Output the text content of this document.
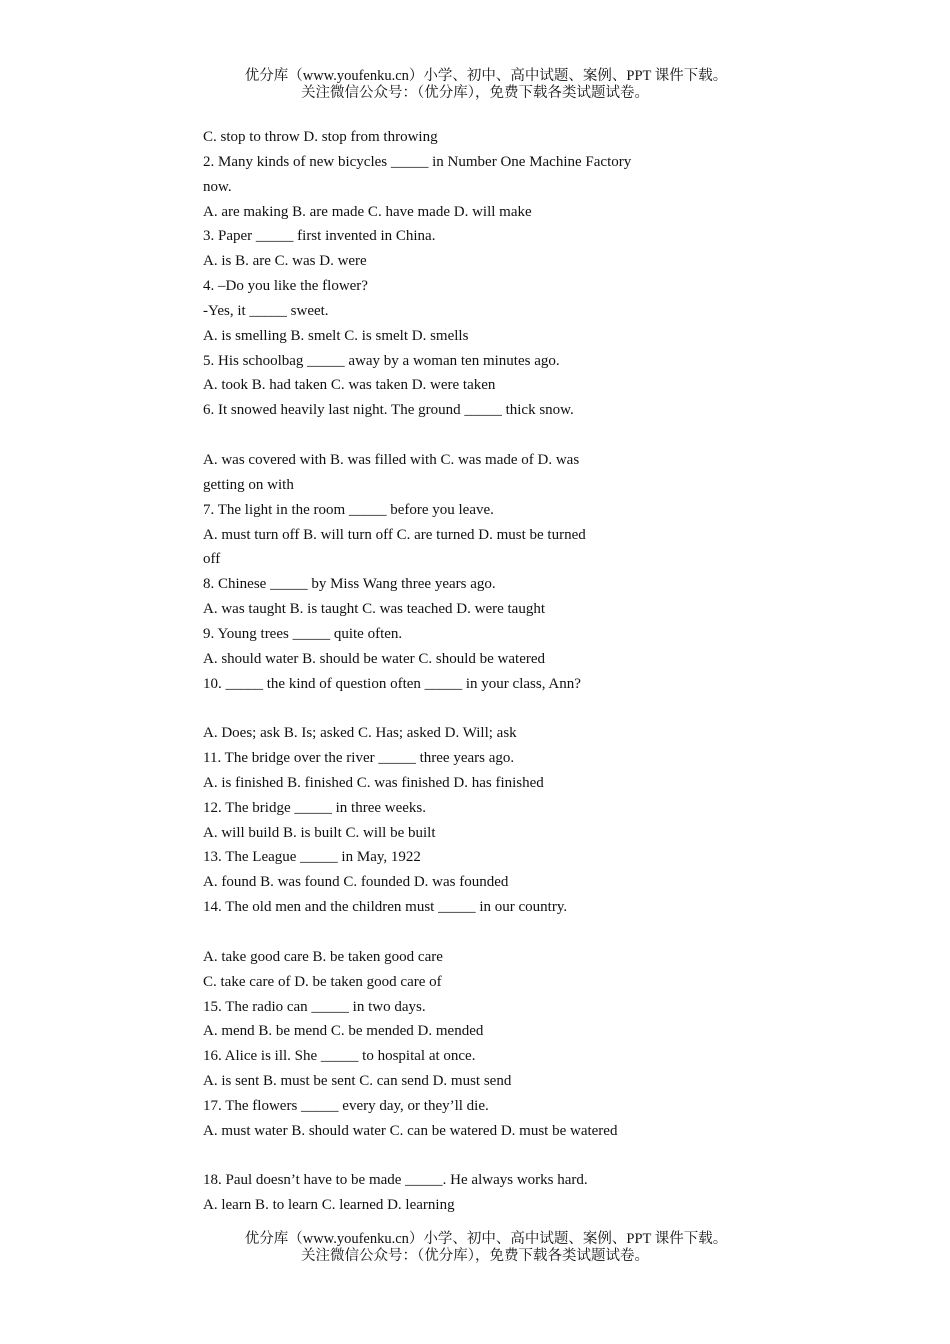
优分库（www.youfenku.cn）小学、初中、高中试题、案例、PPT 课件下载。
关注微信公众号：（优分库），免费下载各类试题试卷。
C. stop to throw D. stop from throwing
2. Many kinds of new bicycles _____ in Number One Machine Factory
now.
A. are making B. are made C. have made D. will make
3. Paper _____ first invented in China.
A. is B. are C. was D. were
4. –Do you like the flower?
-Yes, it _____ sweet.
A. is smelling B. smelt C. is smelt D. smells
5. His schoolbag _____ away by a woman ten minutes ago.
A. took B. had taken C. was taken D. were taken
6. It snowed heavily last night. The ground _____ thick snow.
A. was covered with B. was filled with C. was made of D. was
getting on with
7. The light in the room _____ before you leave.
A. must turn off B. will turn off C. are turned D. must be turned
off
8. Chinese _____ by Miss Wang three years ago.
A. was taught B. is taught C. was teached D. were taught
9. Young trees _____ quite often.
A. should water B. should be water C. should be watered
10. _____ the kind of question often _____ in your class, Ann?
A. Does; ask B. Is; asked C. Has; asked D. Will; ask
11. The bridge over the river _____ three years ago.
A. is finished B. finished C. was finished D. has finished
12. The bridge _____ in three weeks.
A. will build B. is built C. will be built
13. The League _____ in May, 1922
A. found B. was found C. founded D. was founded
14. The old men and the children must _____ in our country.
A. take good care B. be taken good care
C. take care of D. be taken good care of
15. The radio can _____ in two days.
A. mend B. be mend C. be mended D. mended
16. Alice is ill. She _____ to hospital at once.
A. is sent B. must be sent C. can send D. must send
17. The flowers _____ every day, or they’ll die.
A. must water B. should water C. can be watered D. must be watered
18. Paul doesn’t have to be made _____. He always works hard.
A. learn B. to learn C. learned D. learning
优分库（www.youfenku.cn）小学、初中、高中试题、案例、PPT 课件下载。
关注微信公众号：（优分库），免费下载各类试题试卷。
